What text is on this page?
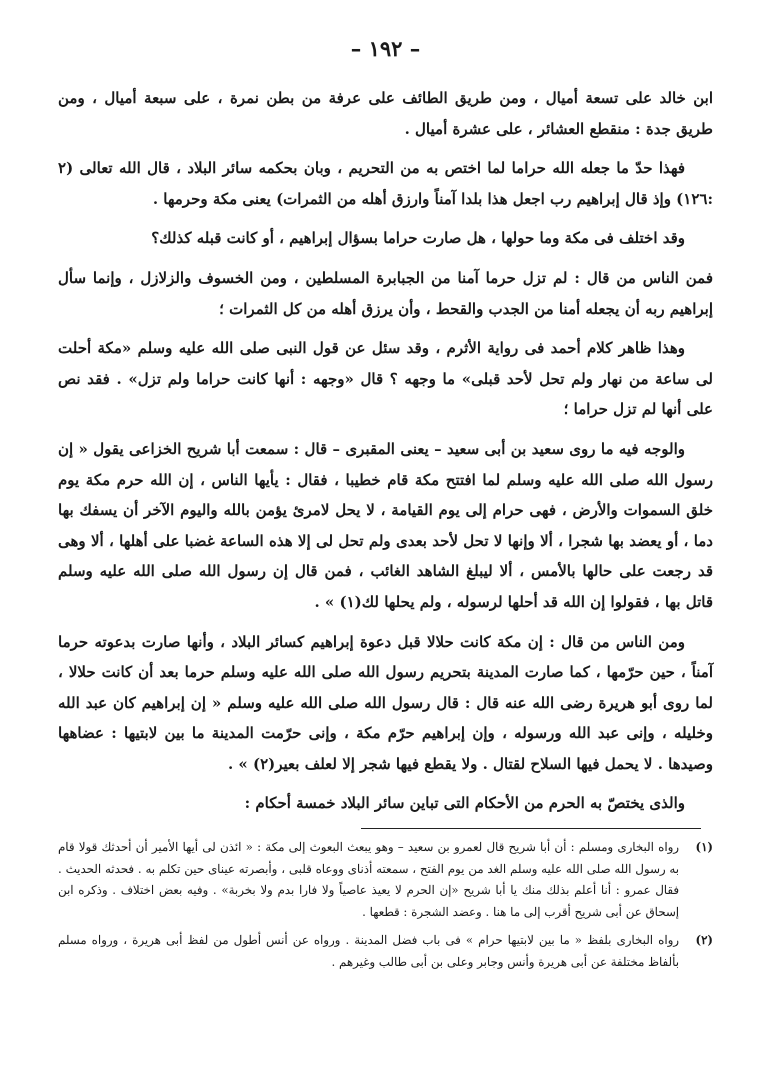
– ١٩٢ –

ابن خالد على تسعة أميال ، ومن طريق الطائف على عرفة من بطن نمرة ، على سبعة أميال ، ومن طريق جدة : منقطع العشائر ، على عشرة أميال .

فهذا حدّ ما جعله الله حراما لما اختص به من التحريم ، وبان بحكمه سائر البلاد ، قال الله تعالى (٢ :١٢٦) وإذ قال إبراهيم رب اجعل هذا بلدا آمناً وارزق أهله من الثمرات) يعنى مكة وحرمها .

وقد اختلف فى مكة وما حولها ، هل صارت حراما بسؤال إبراهيم ، أو كانت قبله كذلك؟

فمن الناس من قال : لم تزل حرما آمنا من الجبابرة المسلطين ، ومن الخسوف والزلازل ، وإنما سأل إبراهيم ربه أن يجعله أمنا من الجدب والقحط ، وأن يرزق أهله من كل الثمرات ؛

وهذا ظاهر كلام أحمد فى رواية الأثرم ، وقد سئل عن قول النبى صلى الله عليه وسلم «مكة أحلت لى ساعة من نهار ولم تحل لأحد قبلى» ما وجهه ؟ قال «وجهه : أنها كانت حراما ولم تزل» . فقد نص على أنها لم تزل حراما ؛

والوجه فيه ما روى سعيد بن أبى سعيد – يعنى المقبرى – قال : سمعت أبا شريح الخزاعى يقول « إن رسول الله صلى الله عليه وسلم لما افتتح مكة قام خطيبا ، فقال : يأيها الناس ، إن الله حرم مكة يوم خلق السموات والأرض ، فهى حرام إلى يوم القيامة ، لا يحل لامرئ يؤمن بالله واليوم الآخر أن يسفك بها دما ، أو يعضد بها شجرا ، ألا وإنها لا تحل لأحد بعدى ولم تحل لى إلا هذه الساعة غضبا على أهلها ، ألا وهى قد رجعت على حالها بالأمس ، ألا ليبلغ الشاهد الغائب ، فمن قال إن رسول الله صلى الله عليه وسلم قاتل بها ، فقولوا إن الله قد أحلها لرسوله ، ولم يحلها لك(١) » .

ومن الناس من قال : إن مكة كانت حلالا قبل دعوة إبراهيم كسائر البلاد ، وأنها صارت بدعوته حرما آمناً ، حين حرّمها ، كما صارت المدينة بتحريم رسول الله صلى الله عليه وسلم حرما بعد أن كانت حلالا ، لما روى أبو هريرة رضى الله عنه قال : قال رسول الله صلى الله عليه وسلم « إن إبراهيم كان عبد الله وخليله ، وإنى عبد الله ورسوله ، وإن إبراهيم حرّم مكة ، وإنى حرّمت المدينة ما بين لابتيها : عضاهها وصيدها . لا يحمل فيها السلاح لقتال . ولا يقطع فيها شجر إلا لعلف بعير(٢) » .

والذى يختصّ به الحرم من الأحكام التى تباين سائر البلاد خمسة أحكام :

(١)
رواه البخارى ومسلم : أن أبا شريح قال لعمرو بن سعيد – وهو يبعث البعوث إلى مكة : « ائذن لى أيها الأمير أن أحدثك قولا قام به رسول الله صلى الله عليه وسلم الغد من يوم الفتح ، سمعته أذناى ووعاه قلبى ، وأبصرته عيناى حين تكلم به . فحدثه الحديث . فقال عمرو : أنا أعلم بذلك منك يا أبا شريح «إن الحرم لا يعيذ عاصياً ولا فارا بدم ولا بخربة» . وفيه بعض اختلاف . وذكره ابن إسحاق عن أبى شريح أقرب إلى ما هنا . وعضد الشجرة : قطعها .
(٢)
رواه البخارى بلفظ « ما بين لابتيها حرام » فى باب فضل المدينة . ورواه عن أنس أطول من لفظ أبى هريرة ، ورواه مسلم بألفاظ مختلفة عن أبى هريرة وأنس وجابر وعلى بن أبى طالب وغيرهم .
